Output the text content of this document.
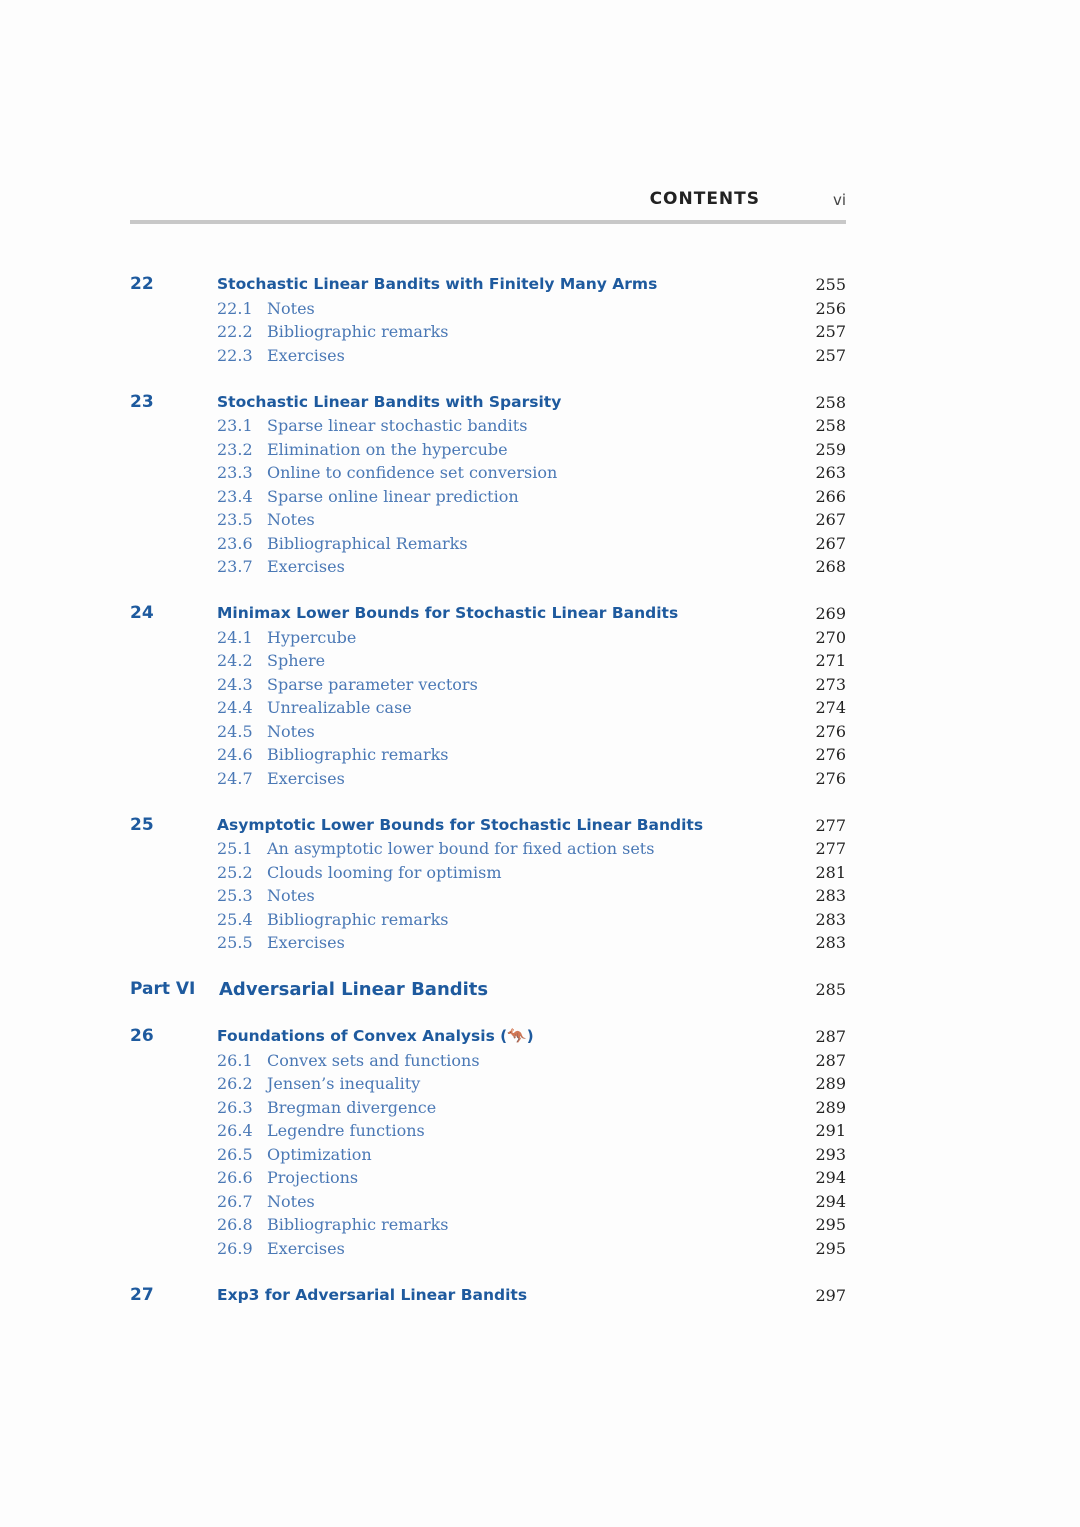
CONTENTS	vi
22	Stochastic Linear Bandits with Finitely Many Arms	255
22.1 Notes	256
22.2 Bibliographic remarks	257
22.3 Exercises	257
23	Stochastic Linear Bandits with Sparsity	258
23.1 Sparse linear stochastic bandits	258
23.2 Elimination on the hypercube	259
23.3 Online to confidence set conversion	263
23.4 Sparse online linear prediction	266
23.5 Notes	267
23.6 Bibliographical Remarks	267
23.7 Exercises	268
24	Minimax Lower Bounds for Stochastic Linear Bandits	269
24.1 Hypercube	270
24.2 Sphere	271
24.3 Sparse parameter vectors	273
24.4 Unrealizable case	274
24.5 Notes	276
24.6 Bibliographic remarks	276
24.7 Exercises	276
25	Asymptotic Lower Bounds for Stochastic Linear Bandits	277
25.1 An asymptotic lower bound for fixed action sets	277
25.2 Clouds looming for optimism	281
25.3 Notes	283
25.4 Bibliographic remarks	283
25.5 Exercises	283
Part VI Adversarial Linear Bandits	285
26	Foundations of Convex Analysis (🦘)	287
26.1 Convex sets and functions	287
26.2 Jensen’s inequality	289
26.3 Bregman divergence	289
26.4 Legendre functions	291
26.5 Optimization	293
26.6 Projections	294
26.7 Notes	294
26.8 Bibliographic remarks	295
26.9 Exercises	295
27	Exp3 for Adversarial Linear Bandits	297
